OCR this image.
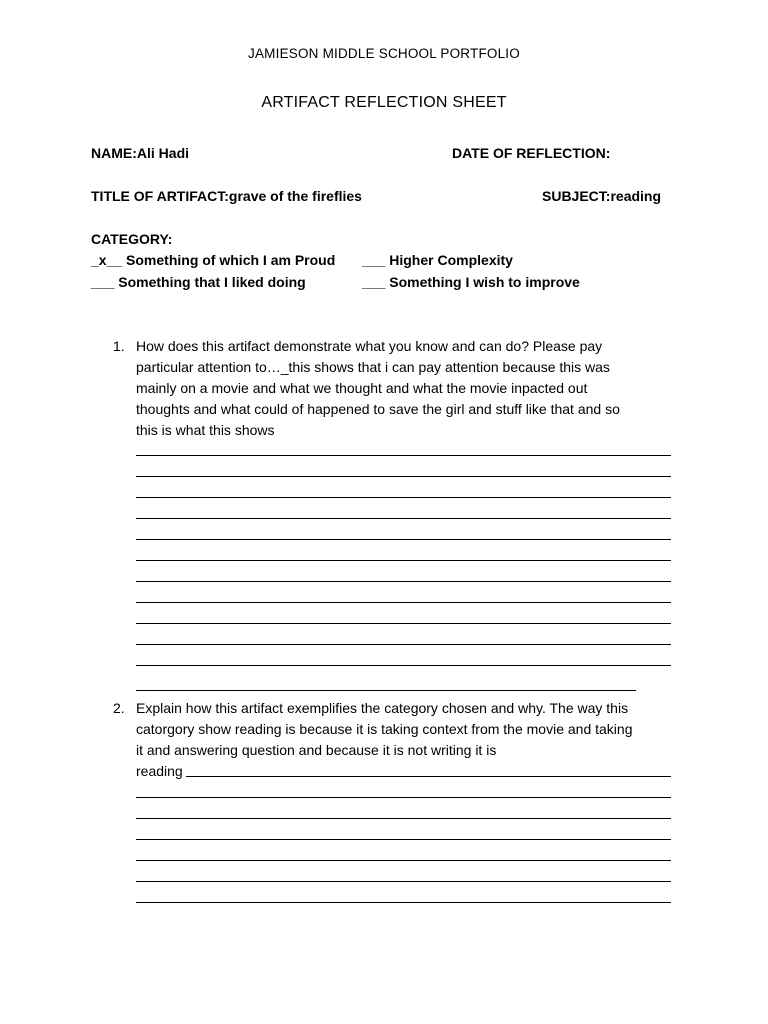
JAMIESON MIDDLE SCHOOL PORTFOLIO
ARTIFACT REFLECTION SHEET
NAME:Ali Hadi	DATE OF REFLECTION:
TITLE OF ARTIFACT:grave of the fireflies	SUBJECT:reading
CATEGORY:
_x__ Something of which I am Proud ___ Higher Complexity
___ Something that I liked doing	___ Something I wish to improve
1. How does this artifact demonstrate what you know and can do? Please pay
particular attention to…_this shows that i can pay attention because this was
mainly on a movie and what we thought and what the movie inpacted out
thoughts and what could of happened to save the girl and stuff like that and so
this is what this shows
2. Explain how this artifact exemplifies the category chosen and why. The way this
catorgory show reading is because it is taking context from the movie and taking
it and answering question and because it is not writing it is
reading
